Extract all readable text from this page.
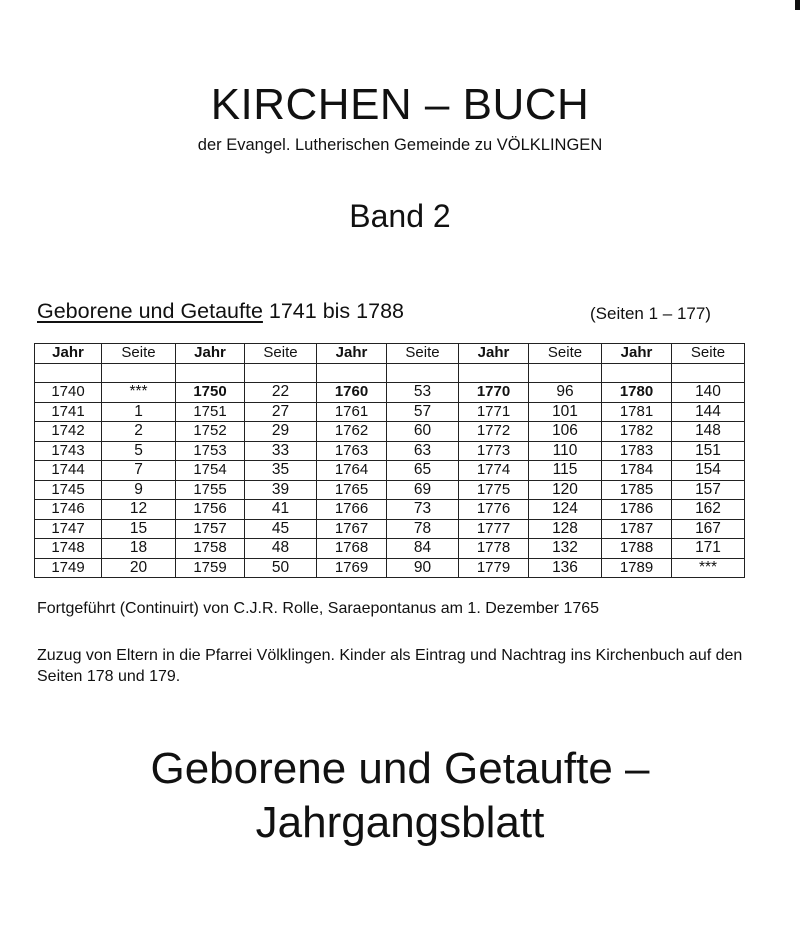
KIRCHEN – BUCH
der Evangel. Lutherischen Gemeinde zu VÖLKLINGEN
Band 2
Geborene und Getaufte 1741 bis 1788	(Seiten 1 – 177)
Jahr	Seite	Jahr	Seite	Jahr	Seite	Jahr	Seite	Jahr	Seite

1740	***	1750	22	1760	53	1770	96	1780	140
1741	1	1751	27	1761	57	1771	101	1781	144
1742	2	1752	29	1762	60	1772	106	1782	148
1743	5	1753	33	1763	63	1773	110	1783	151
1744	7	1754	35	1764	65	1774	115	1784	154
1745	9	1755	39	1765	69	1775	120	1785	157
1746	12	1756	41	1766	73	1776	124	1786	162
1747	15	1757	45	1767	78	1777	128	1787	167
1748	18	1758	48	1768	84	1778	132	1788	171
1749	20	1759	50	1769	90	1779	136	1789	***
Fortgeführt (Continuirt) von C.J.R. Rolle, Saraepontanus am 1. Dezember 1765
Zuzug von Eltern in die Pfarrei Völklingen. Kinder als Eintrag und Nachtrag ins Kirchenbuch auf den Seiten 178 und 179.
Geborene und Getaufte –
Jahrgangsblatt
